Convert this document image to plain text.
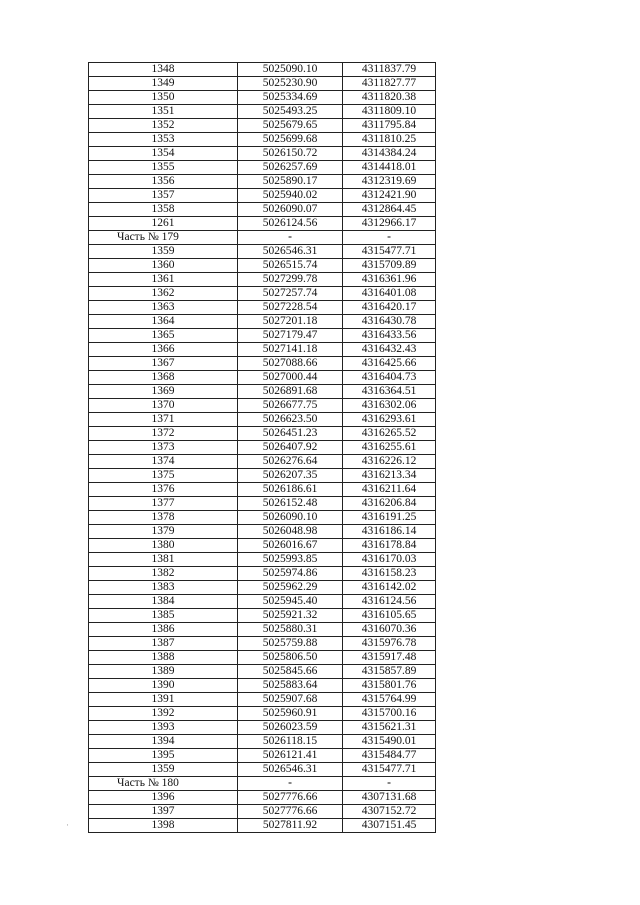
1348	5025090.10	4311837.79
1349	5025230.90	4311827.77
1350	5025334.69	4311820.38
1351	5025493.25	4311809.10
1352	5025679.65	4311795.84
1353	5025699.68	4311810.25
1354	5026150.72	4314384.24
1355	5026257.69	4314418.01
1356	5025890.17	4312319.69
1357	5025940.02	4312421.90
1358	5026090.07	4312864.45
1261	5026124.56	4312966.17
Часть № 179	-	-
1359	5026546.31	4315477.71
1360	5026515.74	4315709.89
1361	5027299.78	4316361.96
1362	5027257.74	4316401.08
1363	5027228.54	4316420.17
1364	5027201.18	4316430.78
1365	5027179.47	4316433.56
1366	5027141.18	4316432.43
1367	5027088.66	4316425.66
1368	5027000.44	4316404.73
1369	5026891.68	4316364.51
1370	5026677.75	4316302.06
1371	5026623.50	4316293.61
1372	5026451.23	4316265.52
1373	5026407.92	4316255.61
1374	5026276.64	4316226.12
1375	5026207.35	4316213.34
1376	5026186.61	4316211.64
1377	5026152.48	4316206.84
1378	5026090.10	4316191.25
1379	5026048.98	4316186.14
1380	5026016.67	4316178.84
1381	5025993.85	4316170.03
1382	5025974.86	4316158.23
1383	5025962.29	4316142.02
1384	5025945.40	4316124.56
1385	5025921.32	4316105.65
1386	5025880.31	4316070.36
1387	5025759.88	4315976.78
1388	5025806.50	4315917.48
1389	5025845.66	4315857.89
1390	5025883.64	4315801.76
1391	5025907.68	4315764.99
1392	5025960.91	4315700.16
1393	5026023.59	4315621.31
1394	5026118.15	4315490.01
1395	5026121.41	4315484.77
1359	5026546.31	4315477.71
Часть № 180	-	-
1396	5027776.66	4307131.68
1397	5027776.66	4307152.72
1398	5027811.92	4307151.45
·
